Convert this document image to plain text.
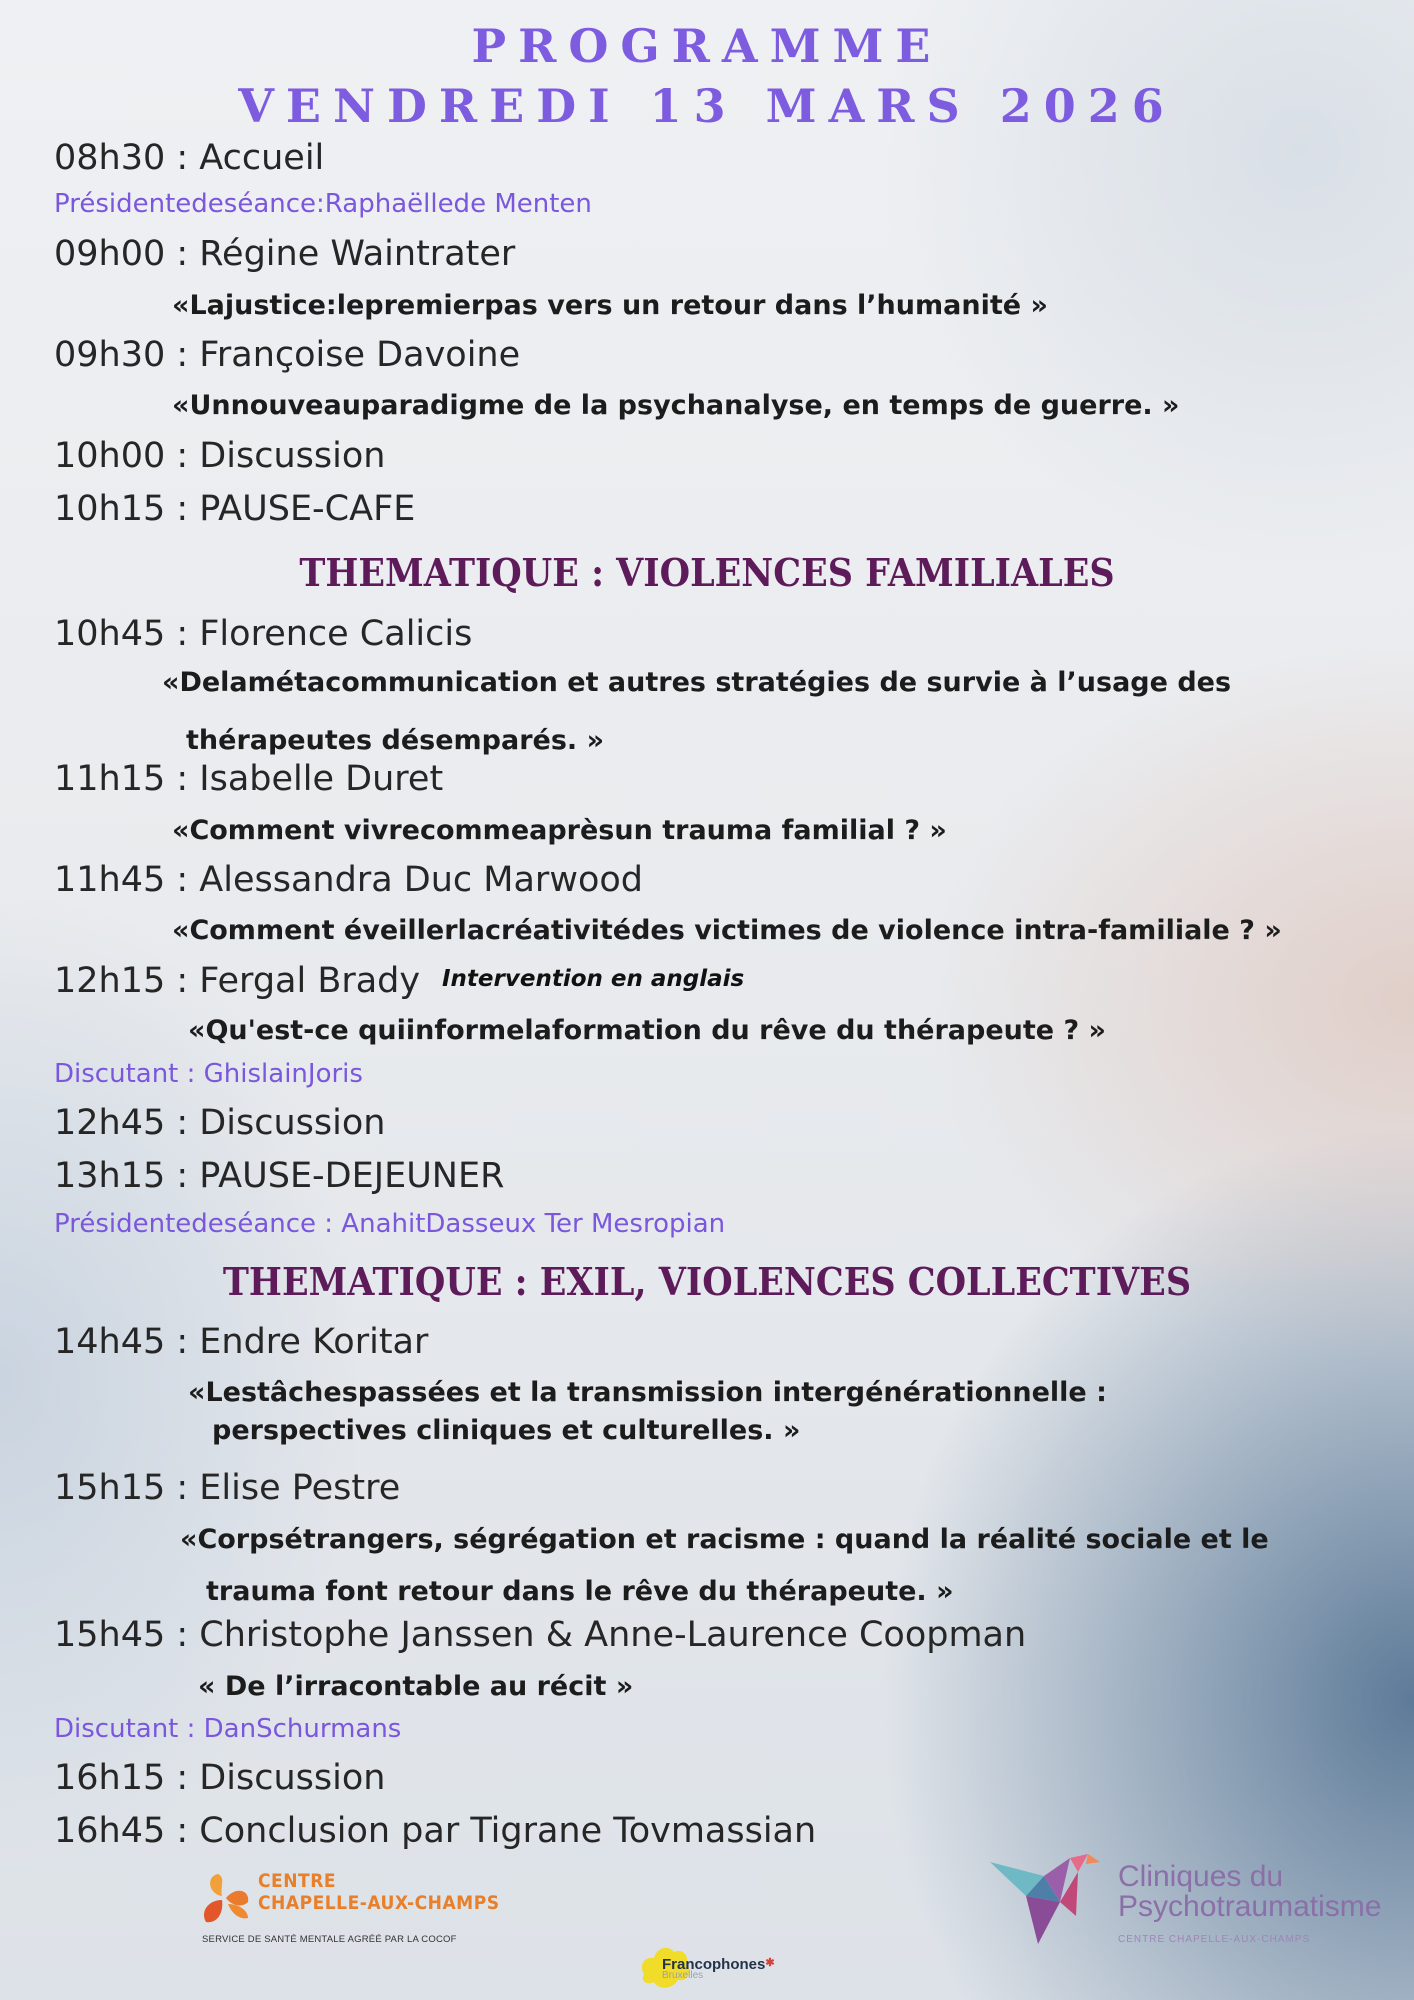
PROGRAMME
VENDREDI 13 MARS 2026
08h30 : Accueil
Présidentedeséance:Raphaëllede Menten
09h00 : Régine Waintrater
«Lajustice:lepremierpas vers un retour dans l’humanité »
09h30 : Françoise Davoine
«Unnouveauparadigme de la psychanalyse, en temps de guerre. »
10h00 : Discussion
10h15 : PAUSE-CAFE
THEMATIQUE : VIOLENCES FAMILIALES
10h45 : Florence Calicis
«Delamétacommunication et autres stratégies de survie à l’usage des
thérapeutes désemparés. »
11h15 : Isabelle Duret
«Comment vivrecommeaprèsun trauma familial ? »
11h45 : Alessandra Duc Marwood
«Comment éveillerlacréativitédes victimes de violence intra-familiale ? »
12h15 : Fergal Brady Intervention en anglais
«Qu'est-ce quiinformelaformation du rêve du thérapeute ? »
Discutant : GhislainJoris
12h45 : Discussion
13h15 : PAUSE-DEJEUNER
Présidentedeséance : AnahitDasseux Ter Mesropian
THEMATIQUE : EXIL, VIOLENCES COLLECTIVES
14h45 : Endre Koritar
«Lestâchespassées et la transmission intergénérationnelle :
perspectives cliniques et culturelles. »
15h15 : Elise Pestre
«Corpsétrangers, ségrégation et racisme : quand la réalité sociale et le
trauma font retour dans le rêve du thérapeute. »
15h45 : Christophe Janssen & Anne-Laurence Coopman
« De l’irracontable au récit »
Discutant : DanSchurmans
16h15 : Discussion
16h45 : Conclusion par Tigrane Tovmassian
CENTRE
CHAPELLE-AUX-CHAMPS
SERVICE DE SANTÉ MENTALE AGRÉÉ PAR LA COCOF
Cliniques du
Psychotraumatisme
CENTRE CHAPELLE-AUX-CHAMPS
Francophones✱
Bruxelles
